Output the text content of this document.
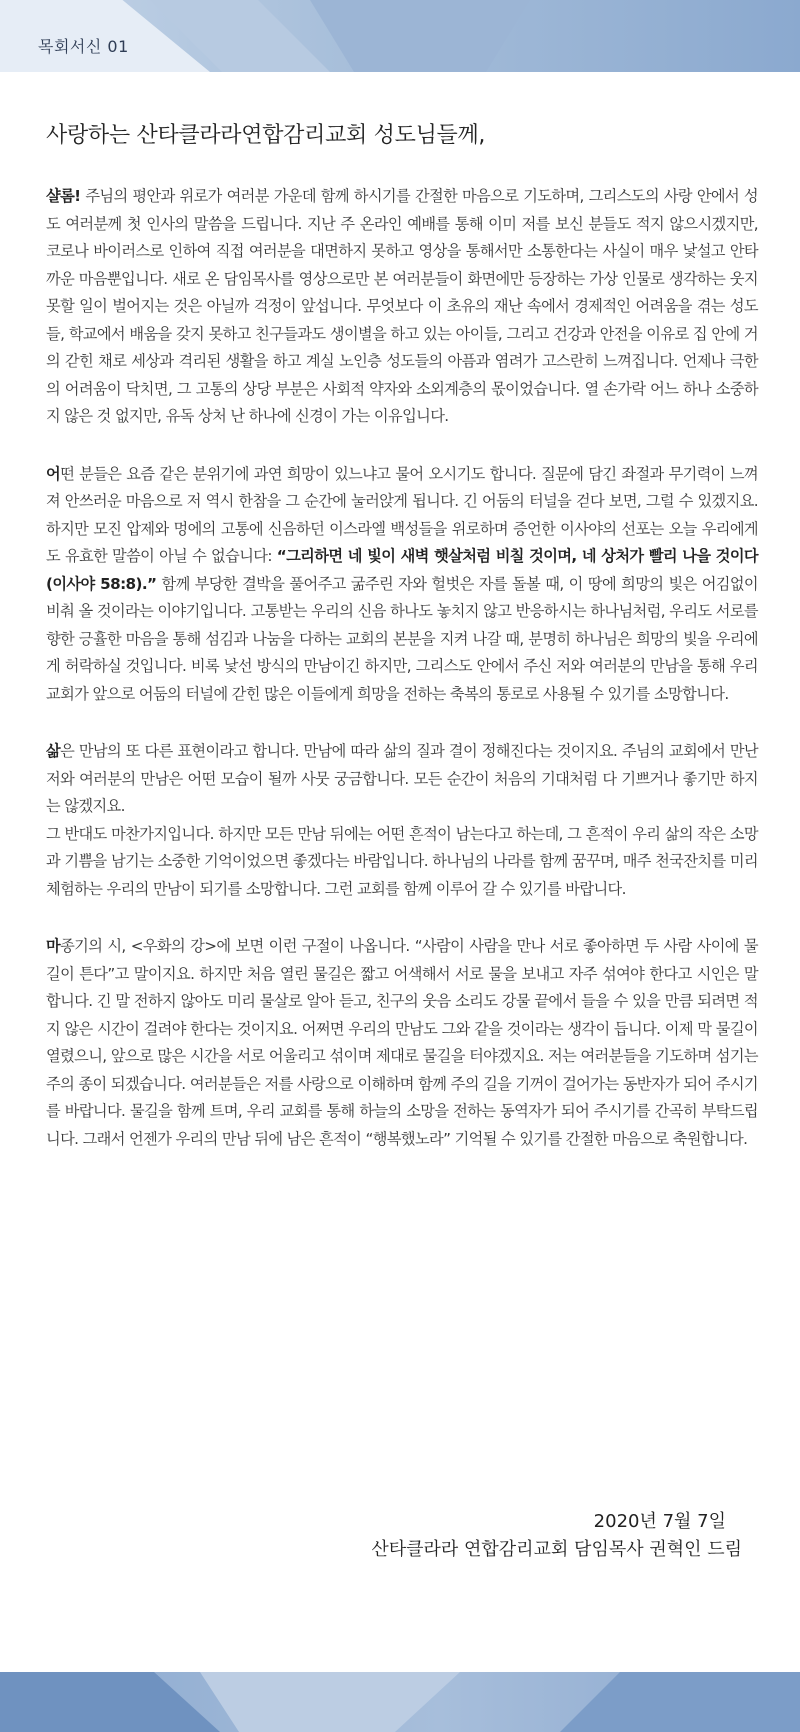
목회서신 01
사랑하는 산타클라라연합감리교회 성도님들께,

샬롬! 주님의 평안과 위로가 여러분 가운데 함께 하시기를 간절한 마음으로 기도하며, 그리스도의 사랑 안에서 성도 여러분께 첫 인사의 말씀을 드립니다. 지난 주 온라인 예배를 통해 이미 저를 보신 분들도 적지 않으시겠지만, 코로나 바이러스로 인하여 직접 여러분을 대면하지 못하고 영상을 통해서만 소통한다는 사실이 매우 낯설고 안타까운 마음뿐입니다. 새로 온 담임목사를 영상으로만 본 여러분들이 화면에만 등장하는 가상 인물로 생각하는 웃지 못할 일이 벌어지는 것은 아닐까 걱정이 앞섭니다. 무엇보다 이 초유의 재난 속에서 경제적인 어려움을 겪는 성도들, 학교에서 배움을 갖지 못하고 친구들과도 생이별을 하고 있는 아이들, 그리고 건강과 안전을 이유로 집 안에 거의 갇힌 채로 세상과 격리된 생활을 하고 계실 노인층 성도들의 아픔과 염려가 고스란히 느껴집니다. 언제나 극한의 어려움이 닥치면, 그 고통의 상당 부분은 사회적 약자와 소외계층의 몫이었습니다. 열 손가락 어느 하나 소중하지 않은 것 없지만, 유독 상처 난 하나에 신경이 가는 이유입니다.

어떤 분들은 요즘 같은 분위기에 과연 희망이 있느냐고 물어 오시기도 합니다. 질문에 담긴 좌절과 무기력이 느껴져 안쓰러운 마음으로 저 역시 한참을 그 순간에 눌러앉게 됩니다. 긴 어둠의 터널을 걷다 보면, 그럴 수 있겠지요. 하지만 모진 압제와 멍에의 고통에 신음하던 이스라엘 백성들을 위로하며 증언한 이사야의 선포는 오늘 우리에게도 유효한 말씀이 아닐 수 없습니다: “그리하면 네 빛이 새벽 햇살처럼 비칠 것이며, 네 상처가 빨리 나을 것이다 (이사야 58:8).” 함께 부당한 결박을 풀어주고 굶주린 자와 헐벗은 자를 돌볼 때, 이 땅에 희망의 빛은 어김없이 비춰 올 것이라는 이야기입니다. 고통받는 우리의 신음 하나도 놓치지 않고 반응하시는 하나님처럼, 우리도 서로를 향한 긍휼한 마음을 통해 섬김과 나눔을 다하는 교회의 본분을 지켜 나갈 때, 분명히 하나님은 희망의 빛을 우리에게 허락하실 것입니다. 비록 낯선 방식의 만남이긴 하지만, 그리스도 안에서 주신 저와 여러분의 만남을 통해 우리 교회가 앞으로 어둠의 터널에 갇힌 많은 이들에게 희망을 전하는 축복의 통로로 사용될 수 있기를 소망합니다.

삶은 만남의 또 다른 표현이라고 합니다. 만남에 따라 삶의 질과 결이 정해진다는 것이지요. 주님의 교회에서 만난 저와 여러분의 만남은 어떤 모습이 될까 사뭇 궁금합니다. 모든 순간이 처음의 기대처럼 다 기쁘거나 좋기만 하지는 않겠지요.
그 반대도 마찬가지입니다. 하지만 모든 만남 뒤에는 어떤 흔적이 남는다고 하는데, 그 흔적이 우리 삶의 작은 소망과 기쁨을 남기는 소중한 기억이었으면 좋겠다는 바람입니다. 하나님의 나라를 함께 꿈꾸며, 매주 천국잔치를 미리 체험하는 우리의 만남이 되기를 소망합니다. 그런 교회를 함께 이루어 갈 수 있기를 바랍니다.

마종기의 시, <우화의 강>에 보면 이런 구절이 나옵니다. “사람이 사람을 만나 서로 좋아하면 두 사람 사이에 물길이 튼다”고 말이지요. 하지만 처음 열린 물길은 짧고 어색해서 서로 물을 보내고 자주 섞여야 한다고 시인은 말합니다. 긴 말 전하지 않아도 미리 물살로 알아 듣고, 친구의 웃음 소리도 강물 끝에서 들을 수 있을 만큼 되려면 적지 않은 시간이 걸려야 한다는 것이지요. 어쩌면 우리의 만남도 그와 같을 것이라는 생각이 듭니다. 이제 막 물길이 열렸으니, 앞으로 많은 시간을 서로 어울리고 섞이며 제대로 물길을 터야겠지요. 저는 여러분들을 기도하며 섬기는 주의 종이 되겠습니다. 여러분들은 저를 사랑으로 이해하며 함께 주의 길을 기꺼이 걸어가는 동반자가 되어 주시기를 바랍니다. 물길을 함께 트며, 우리 교회를 통해 하늘의 소망을 전하는 동역자가 되어 주시기를 간곡히 부탁드립니다. 그래서 언젠가 우리의 만남 뒤에 남은 흔적이 “행복했노라” 기억될 수 있기를 간절한 마음으로 축원합니다.

2020년 7월 7일
산타클라라 연합감리교회 담임목사 권혁인 드림
